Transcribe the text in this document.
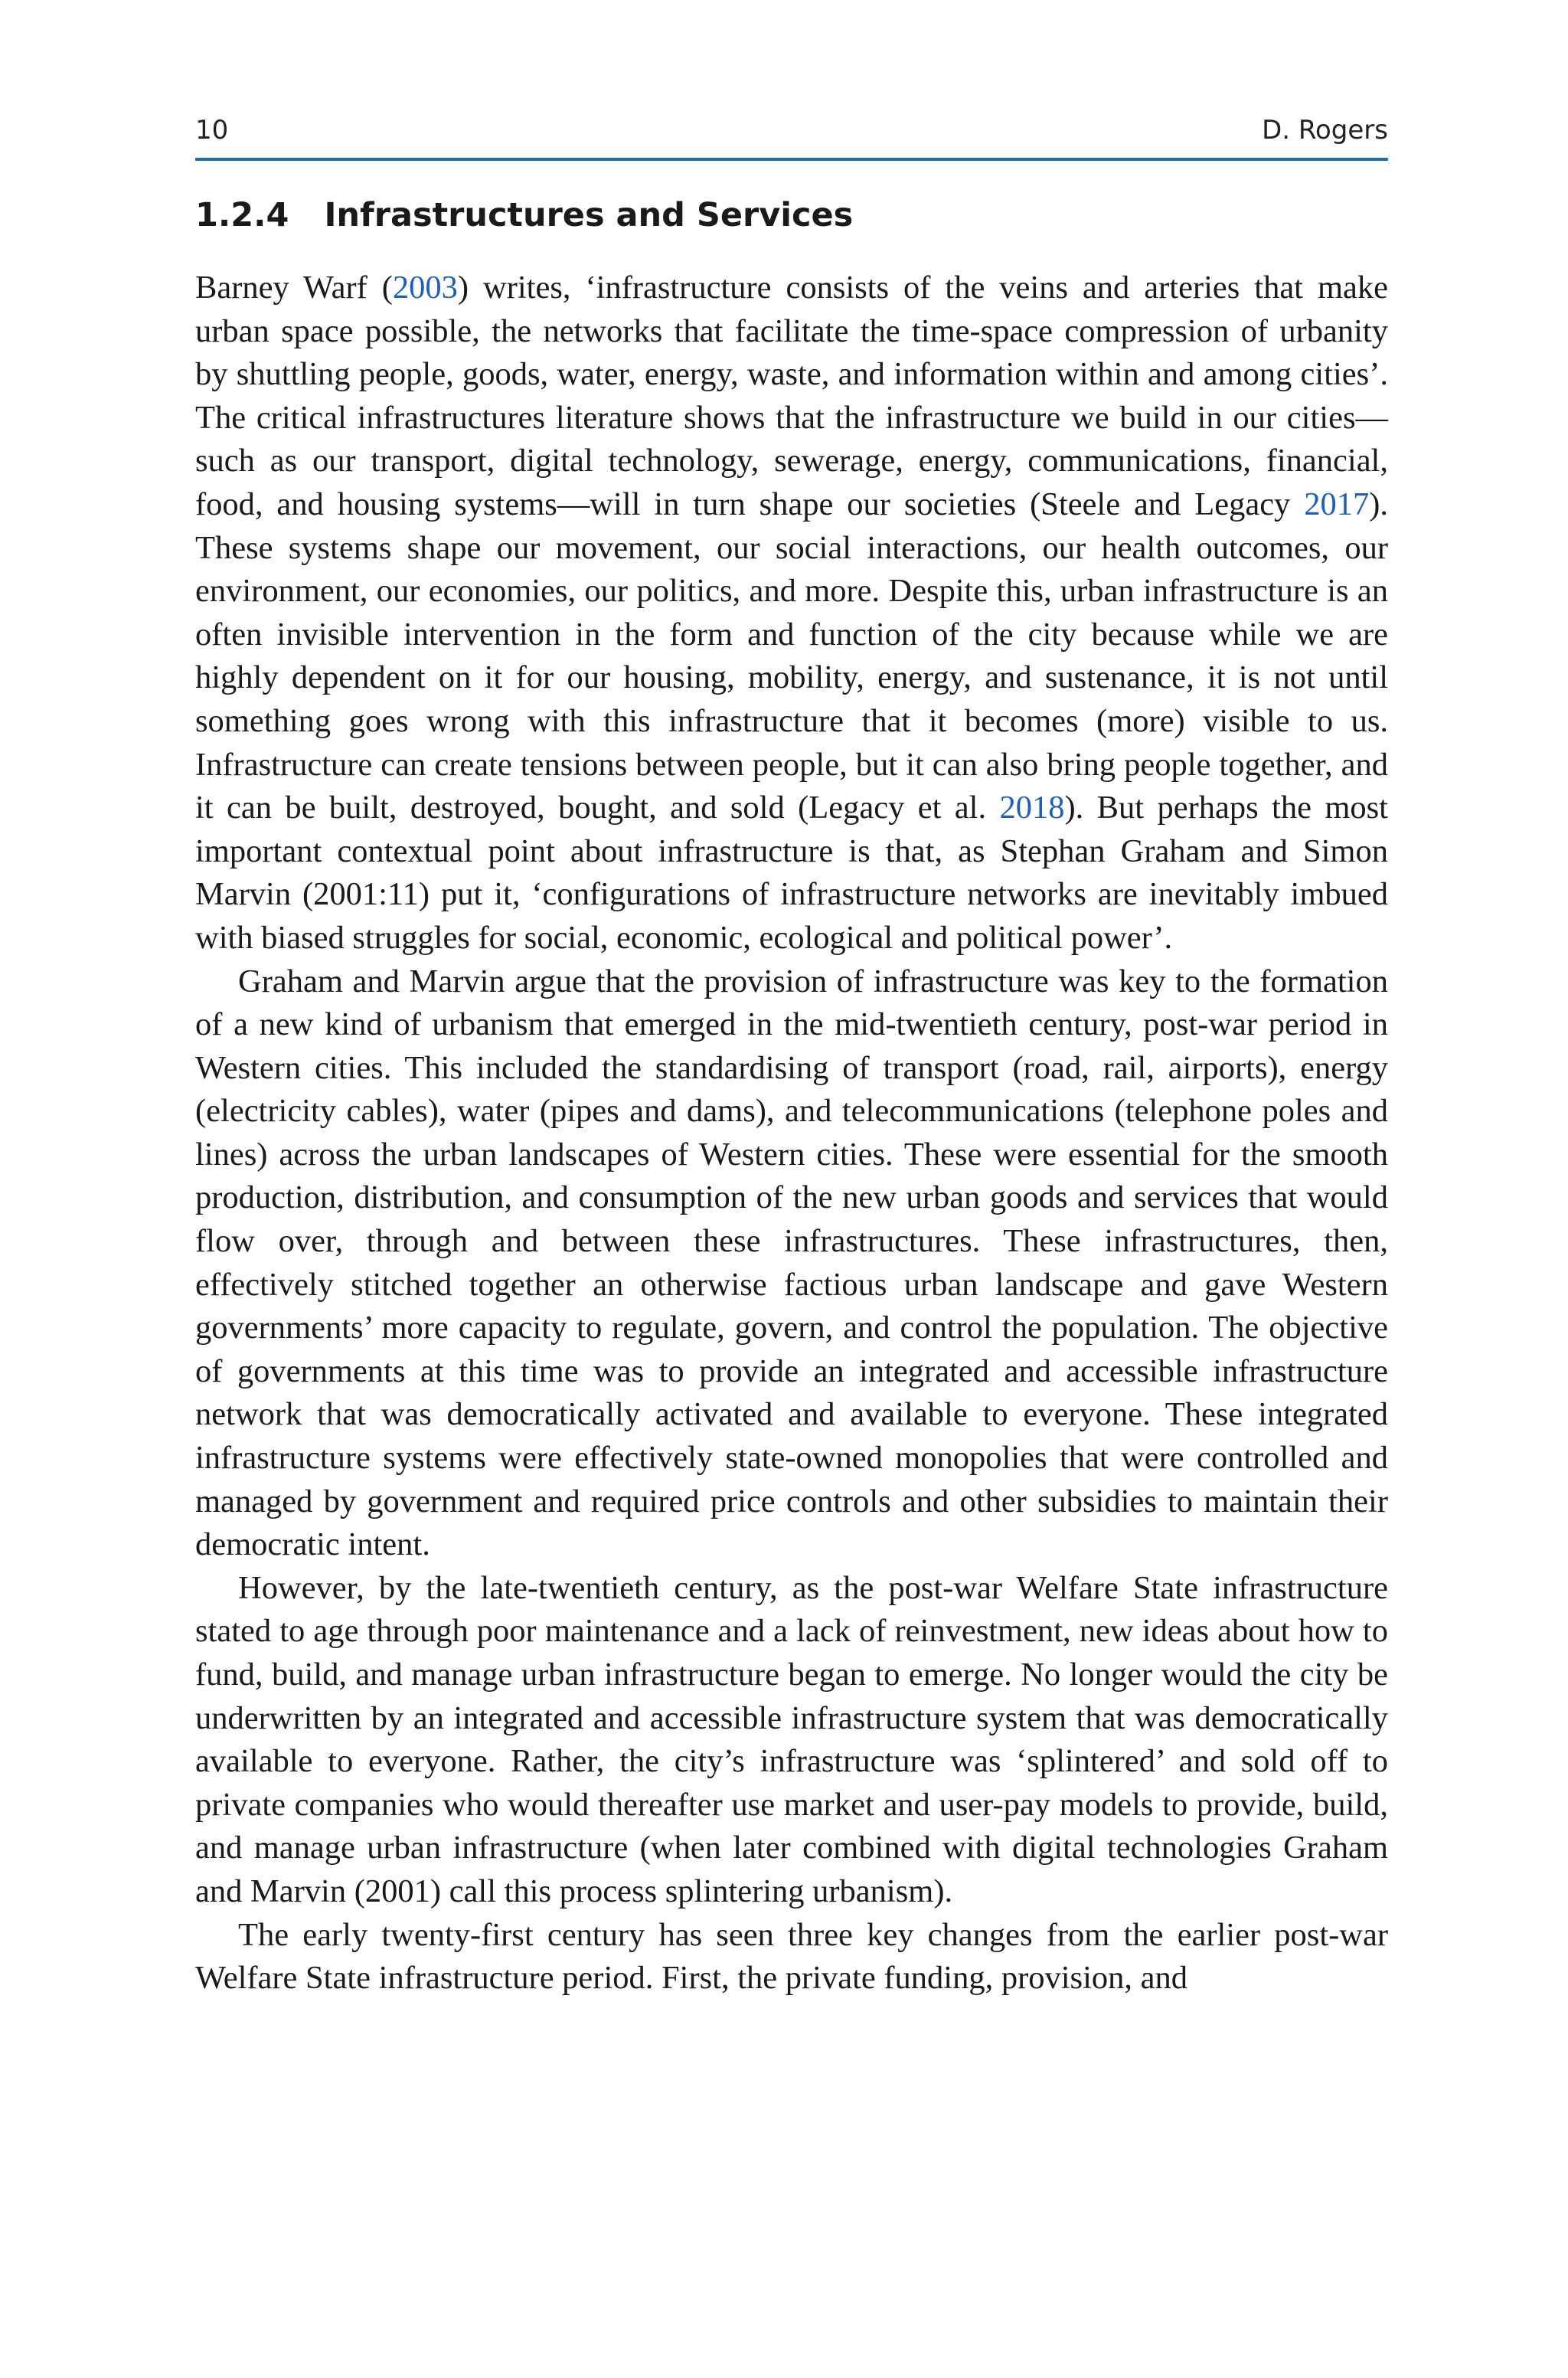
10	D. Rogers
1.2.4 Infrastructures and Services

Barney Warf (2003) writes, ‘infrastructure consists of the veins and arteries that make urban space possible, the networks that facilitate the time-space compression of urbanity by shuttling people, goods, water, energy, waste, and information within and among cities’. The critical infrastructures literature shows that the infrastructure we build in our cities—such as our transport, digital technology, sewerage, energy, communications, financial, food, and housing systems—will in turn shape our societies (Steele and Legacy 2017). These systems shape our movement, our social interactions, our health outcomes, our environment, our economies, our politics, and more. Despite this, urban infrastructure is an often invisible intervention in the form and function of the city because while we are highly dependent on it for our housing, mobility, energy, and sustenance, it is not until something goes wrong with this infrastructure that it becomes (more) visible to us. Infrastructure can create tensions between people, but it can also bring people together, and it can be built, destroyed, bought, and sold (Legacy et al. 2018). But perhaps the most important contextual point about infrastructure is that, as Stephan Graham and Simon Marvin (2001:11) put it, ‘configurations of infrastructure networks are inevitably imbued with biased struggles for social, economic, ecological and political power’.

Graham and Marvin argue that the provision of infrastructure was key to the formation of a new kind of urbanism that emerged in the mid-twentieth century, post-war period in Western cities. This included the standardising of transport (road, rail, airports), energy (electricity cables), water (pipes and dams), and telecommunications (telephone poles and lines) across the urban landscapes of Western cities. These were essential for the smooth production, distribution, and consumption of the new urban goods and services that would flow over, through and between these infrastructures. These infrastructures, then, effectively stitched together an otherwise factious urban landscape and gave Western governments’ more capacity to regulate, govern, and control the population. The objective of governments at this time was to provide an integrated and accessible infrastructure network that was democratically activated and available to everyone. These integrated infrastructure systems were effectively state-owned monopolies that were controlled and managed by government and required price controls and other subsidies to maintain their democratic intent.

However, by the late-twentieth century, as the post-war Welfare State infrastructure stated to age through poor maintenance and a lack of reinvestment, new ideas about how to fund, build, and manage urban infrastructure began to emerge. No longer would the city be underwritten by an integrated and accessible infrastructure system that was democratically available to everyone. Rather, the city’s infrastructure was ‘splintered’ and sold off to private companies who would thereafter use market and user-pay models to provide, build, and manage urban infrastructure (when later combined with digital technologies Graham and Marvin (2001) call this process splintering urbanism).

The early twenty-first century has seen three key changes from the earlier post-war Welfare State infrastructure period. First, the private funding, provision, and
